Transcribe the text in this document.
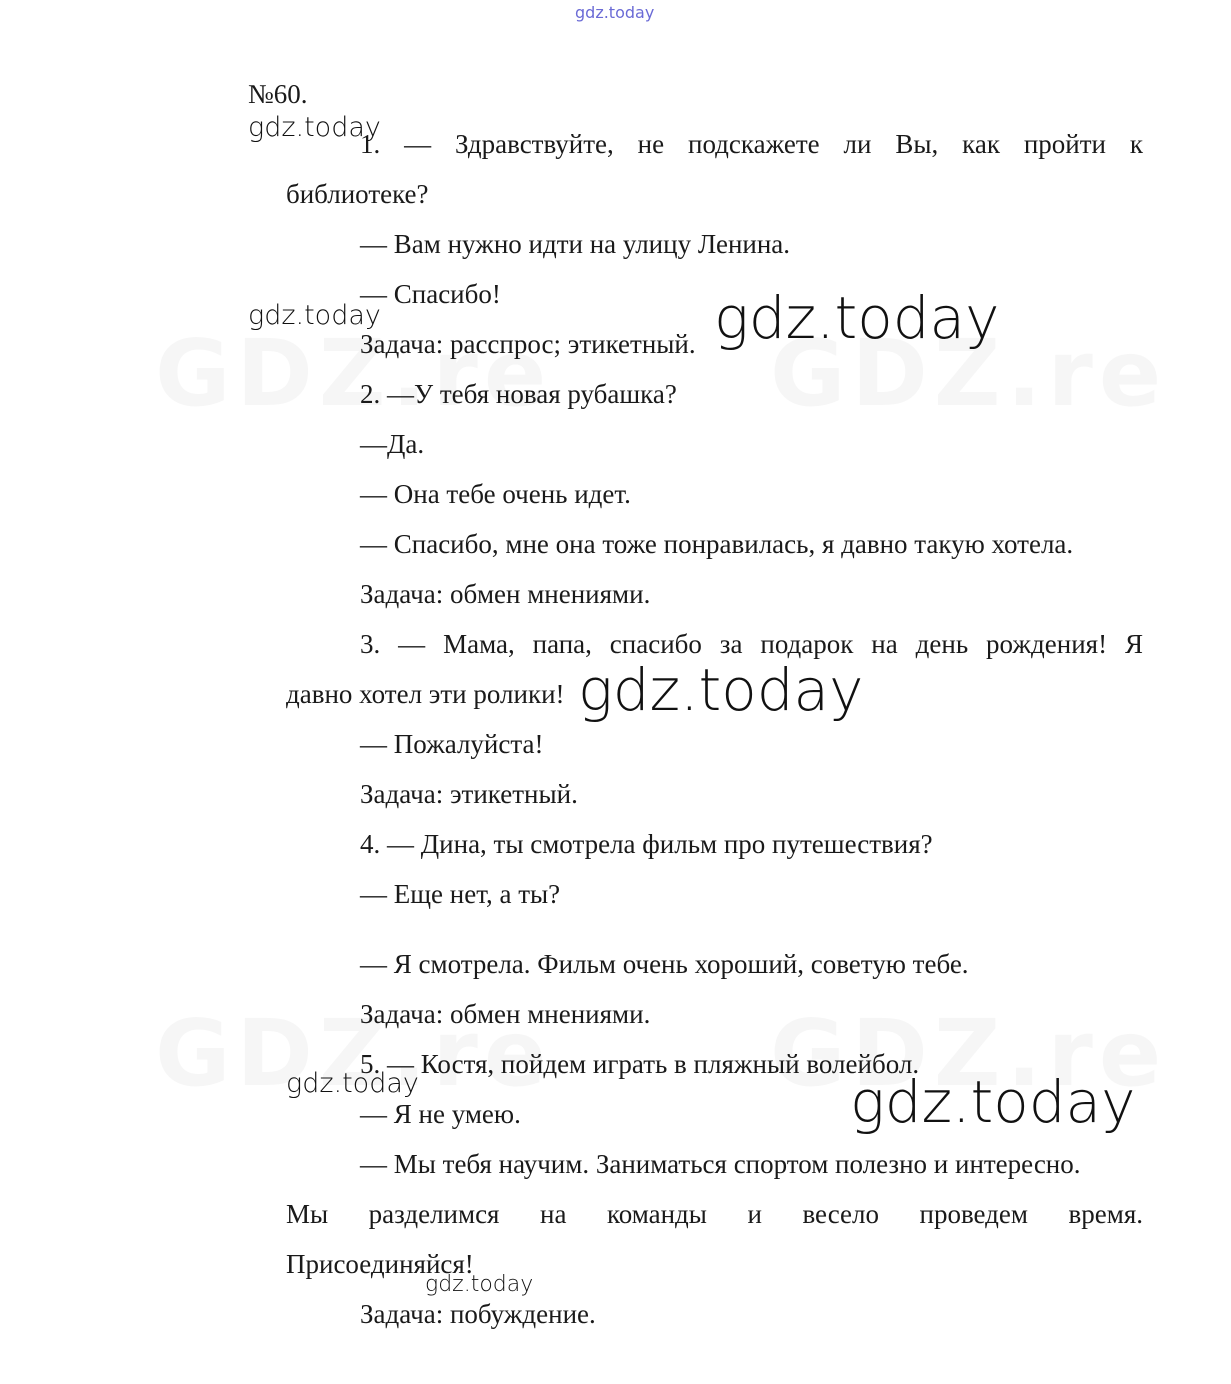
gdz.today
№60.
1. — Здравствуйте, не подскажете ли Вы, как пройти к
библиотеке?
— Вам нужно идти на улицу Ленина.
— Спасибо!
Задача: расспрос; этикетный.
2. —У тебя новая рубашка?
—Да.
— Она тебе очень идет.
— Спасибо, мне она тоже понравилась, я давно такую хотела.
Задача: обмен мнениями.
3. — Мама, папа, спасибо за подарок на день рождения! Я
давно хотел эти ролики!
— Пожалуйста!
Задача: этикетный.
4. — Дина, ты смотрела фильм про путешествия?
— Еще нет, а ты?
— Я смотрела. Фильм очень хороший, советую тебе.
Задача: обмен мнениями.
5. — Костя, пойдем играть в пляжный волейбол.
— Я не умею.
— Мы тебя научим. Заниматься спортом полезно и интересно.
Мы разделимся на команды и весело проведем время.
Присоединяйся!
Задача: побуждение.
gdz.today
gdz.today	gdz.today
gdz.today
gdz.today	gdz.today
gdz.today
